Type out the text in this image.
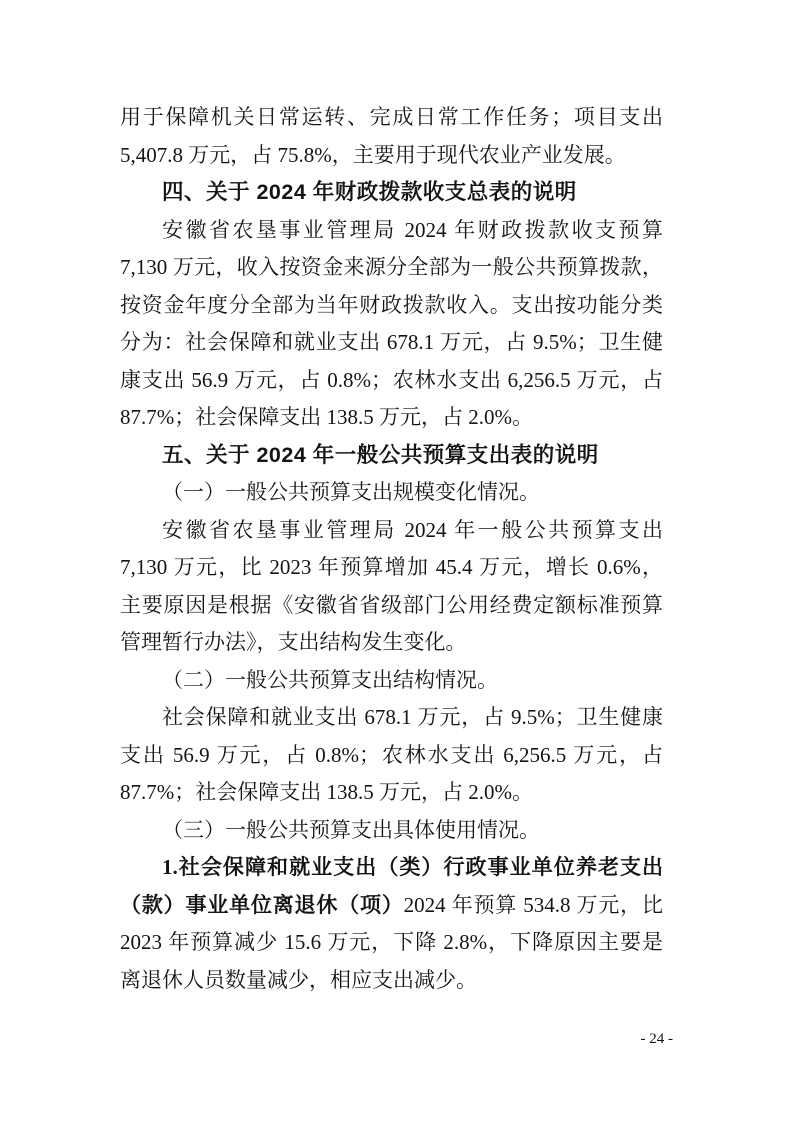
用于保障机关日常运转、完成日常工作任务；项目支出
5,407.8 万元，占 75.8%，主要用于现代农业产业发展。
四、关于 2024 年财政拨款收支总表的说明
安徽省农垦事业管理局 2024 年财政拨款收支预算
7,130 万元，收入按资金来源分全部为一般公共预算拨款，
按资金年度分全部为当年财政拨款收入。支出按功能分类
分为：社会保障和就业支出 678.1 万元，占 9.5%；卫生健
康支出 56.9 万元，占 0.8%；农林水支出 6,256.5 万元，占
87.7%；社会保障支出 138.5 万元，占 2.0%。
五、关于 2024 年一般公共预算支出表的说明
（一）一般公共预算支出规模变化情况。
安徽省农垦事业管理局 2024 年一般公共预算支出
7,130 万元，比 2023 年预算增加 45.4 万元，增长 0.6%，
主要原因是根据《安徽省省级部门公用经费定额标准预算
管理暂行办法》，支出结构发生变化。
（二）一般公共预算支出结构情况。
社会保障和就业支出 678.1 万元，占 9.5%；卫生健康
支出 56.9 万元，占 0.8%；农林水支出 6,256.5 万元，占
87.7%；社会保障支出 138.5 万元，占 2.0%。
（三）一般公共预算支出具体使用情况。
1.社会保障和就业支出（类）行政事业单位养老支出
（款）事业单位离退休（项）2024 年预算 534.8 万元，比
2023 年预算减少 15.6 万元，下降 2.8%，下降原因主要是
离退休人员数量减少，相应支出减少。
- 24 -
